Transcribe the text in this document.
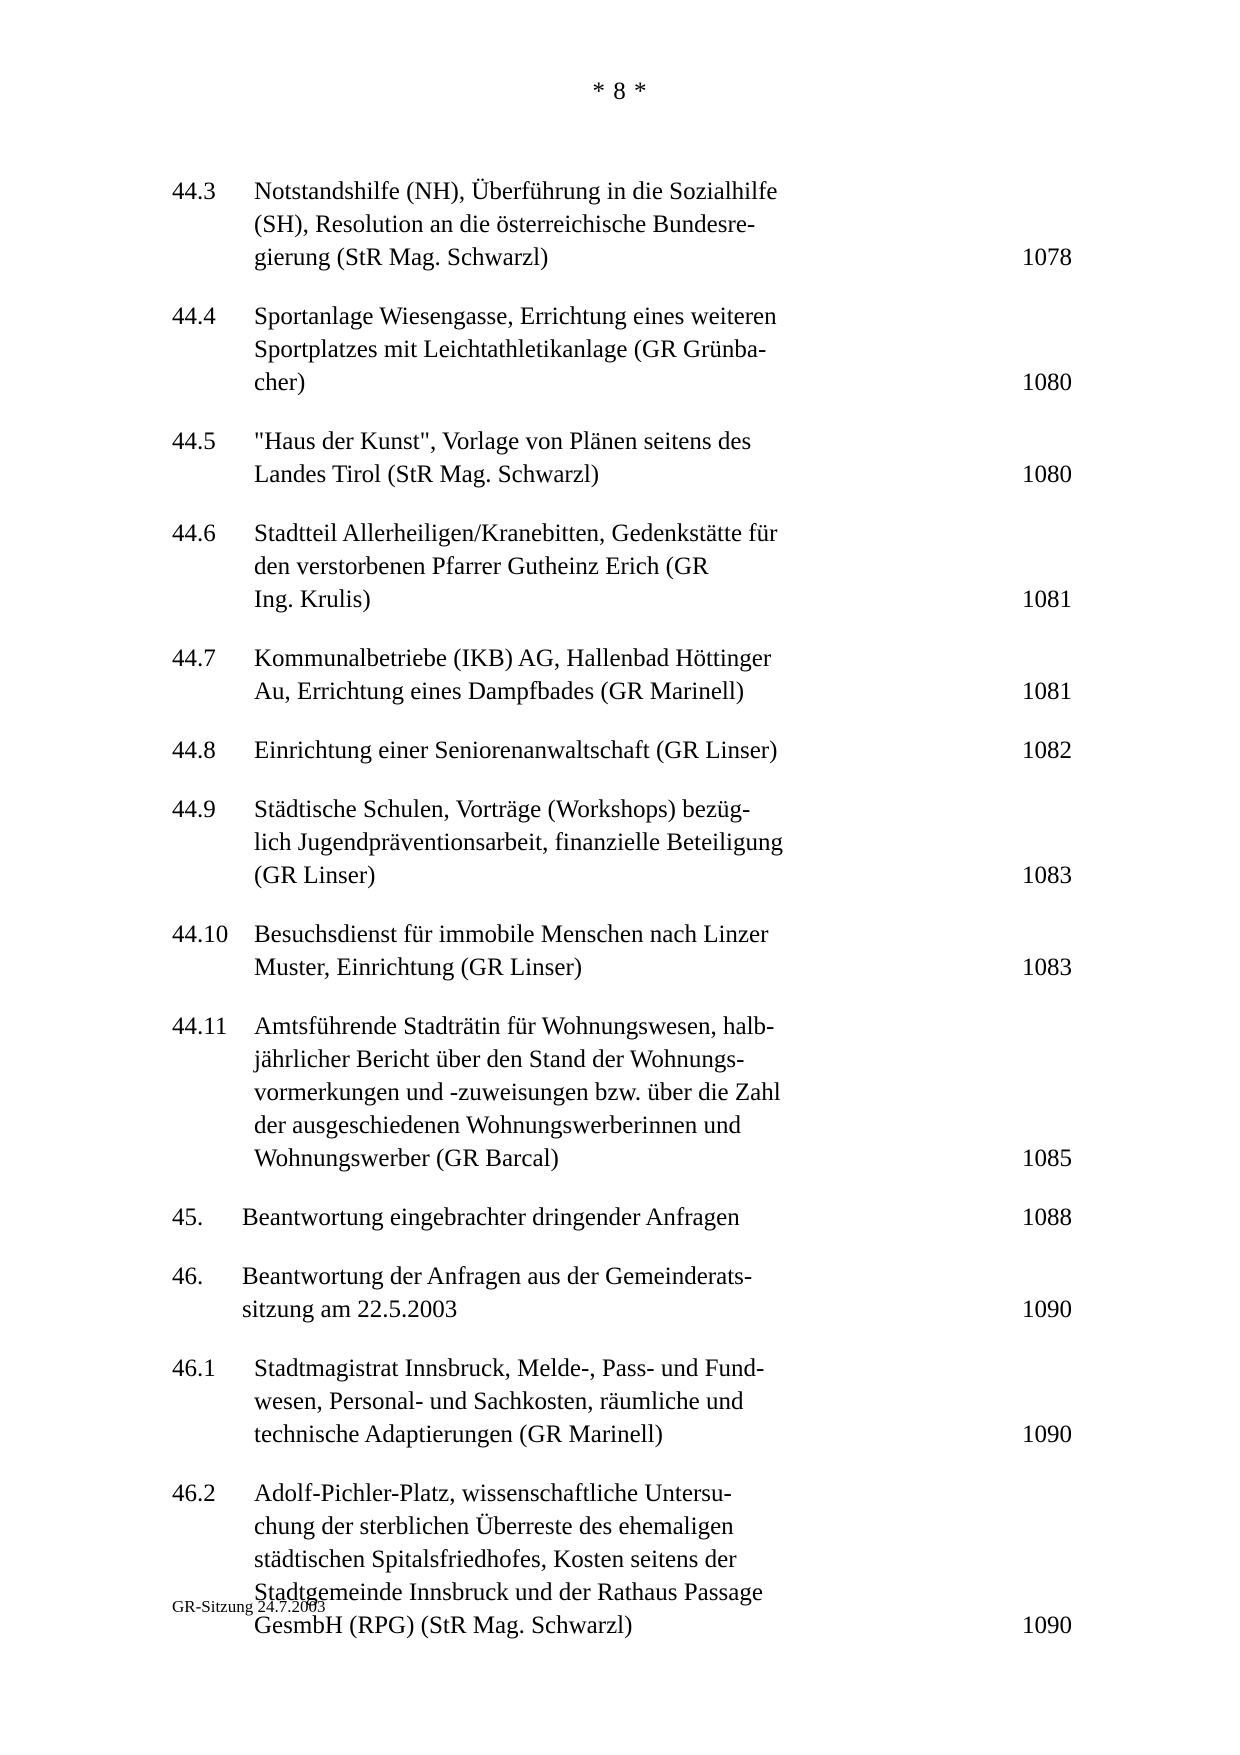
* 8 *
44.3 Notstandshilfe (NH), Überführung in die Sozialhilfe
(SH), Resolution an die österreichische Bundesre-
gierung (StR Mag. Schwarzl)	1078
44.4 Sportanlage Wiesengasse, Errichtung eines weiteren
Sportplatzes mit Leichtathletikanlage (GR Grünba-
cher)	1080
44.5 "Haus der Kunst", Vorlage von Plänen seitens des
Landes Tirol (StR Mag. Schwarzl)	1080
44.6 Stadtteil Allerheiligen/Kranebitten, Gedenkstätte für
den verstorbenen Pfarrer Gutheinz Erich (GR
Ing. Krulis)	1081
44.7 Kommunalbetriebe (IKB) AG, Hallenbad Höttinger
Au, Errichtung eines Dampfbades (GR Marinell)	1081
44.8 Einrichtung einer Seniorenanwaltschaft (GR Linser)	1082
44.9 Städtische Schulen, Vorträge (Workshops) bezüg-
lich Jugendpräventionsarbeit, finanzielle Beteiligung
(GR Linser)	1083
44.10 Besuchsdienst für immobile Menschen nach Linzer
Muster, Einrichtung (GR Linser)	1083
44.11 Amtsführende Stadträtin für Wohnungswesen, halb-
jährlicher Bericht über den Stand der Wohnungs-
vormerkungen und -zuweisungen bzw. über die Zahl
der ausgeschiedenen Wohnungswerberinnen und
Wohnungswerber (GR Barcal)	1085
45. Beantwortung eingebrachter dringender Anfragen	1088
46. Beantwortung der Anfragen aus der Gemeinderats-
sitzung am 22.5.2003	1090
46.1 Stadtmagistrat Innsbruck, Melde-, Pass- und Fund-
wesen, Personal- und Sachkosten, räumliche und
technische Adaptierungen (GR Marinell)	1090
46.2 Adolf-Pichler-Platz, wissenschaftliche Untersu-
chung der sterblichen Überreste des ehemaligen
städtischen Spitalsfriedhofes, Kosten seitens der
Stadtgemeinde Innsbruck und der Rathaus Passage
GesmbH (RPG) (StR Mag. Schwarzl)	1090
GR-Sitzung 24.7.2003
